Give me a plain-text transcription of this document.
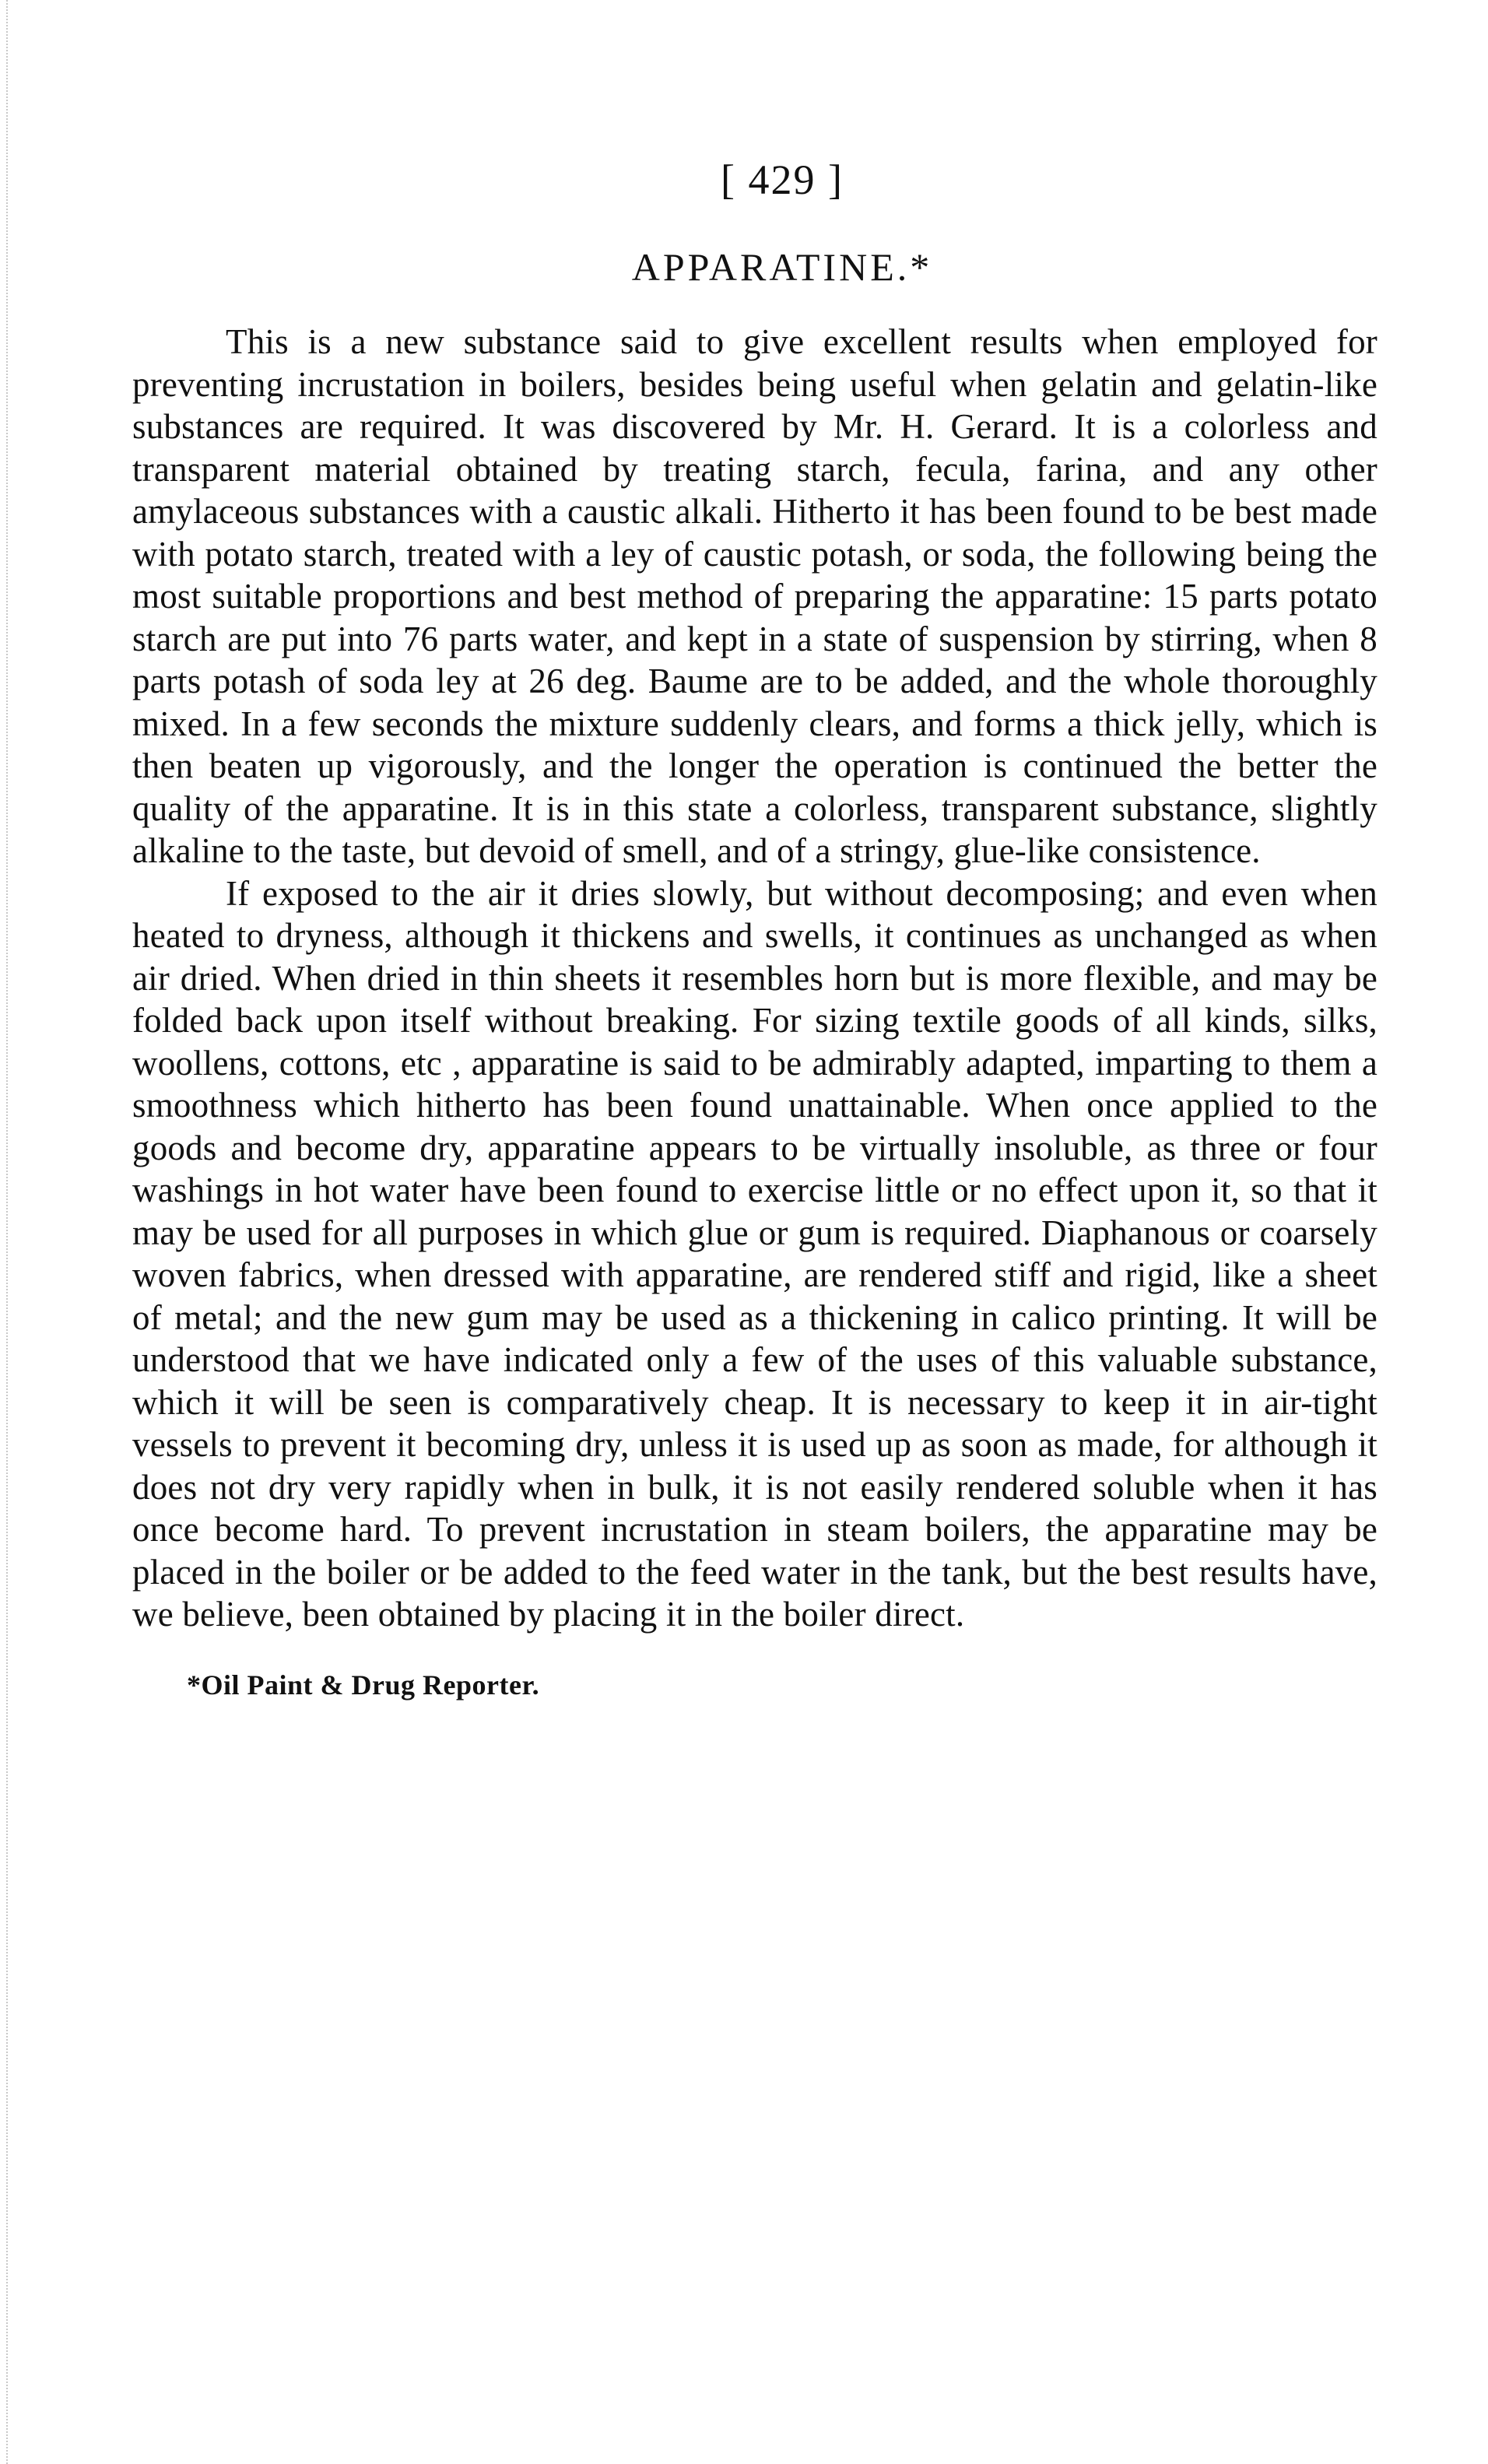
[ 429 ]
APPARATINE.*

This is a new substance said to give excellent results when employed for preventing incrustation in boilers, besides being useful when gelatin and gelatin-like substances are required. It was discovered by Mr. H. Gerard. It is a colorless and transparent material obtained by treating starch, fecula, farina, and any other amylaceous substances with a caustic alkali. Hitherto it has been found to be best made with potato starch, treated with a ley of caustic potash, or soda, the following being the most suitable proportions and best method of preparing the apparatine: 15 parts potato starch are put into 76 parts water, and kept in a state of suspension by stirring, when 8 parts potash of soda ley at 26 deg. Baume are to be added, and the whole thoroughly mixed. In a few seconds the mixture suddenly clears, and forms a thick jelly, which is then beaten up vigorously, and the longer the operation is continued the better the quality of the apparatine. It is in this state a colorless, transparent substance, slightly alkaline to the taste, but devoid of smell, and of a stringy, glue-like consistence.

If exposed to the air it dries slowly, but without decomposing; and even when heated to dryness, although it thickens and swells, it continues as unchanged as when air dried. When dried in thin sheets it resembles horn but is more flexible, and may be folded back upon itself without breaking. For sizing textile goods of all kinds, silks, woollens, cottons, etc , apparatine is said to be admirably adapted, imparting to them a smoothness which hitherto has been found unattainable. When once applied to the goods and become dry, apparatine appears to be virtually insoluble, as three or four washings in hot water have been found to exercise little or no effect upon it, so that it may be used for all purposes in which glue or gum is required. Diaphanous or coarsely woven fabrics, when dressed with apparatine, are rendered stiff and rigid, like a sheet of metal; and the new gum may be used as a thickening in calico printing. It will be understood that we have indicated only a few of the uses of this valuable substance, which it will be seen is comparatively cheap. It is necessary to keep it in air-tight vessels to prevent it becoming dry, unless it is used up as soon as made, for although it does not dry very rapidly when in bulk, it is not easily rendered soluble when it has once become hard. To prevent incrustation in steam boilers, the apparatine may be placed in the boiler or be added to the feed water in the tank, but the best results have, we believe, been obtained by placing it in the boiler direct.

*Oil Paint & Drug Reporter.
